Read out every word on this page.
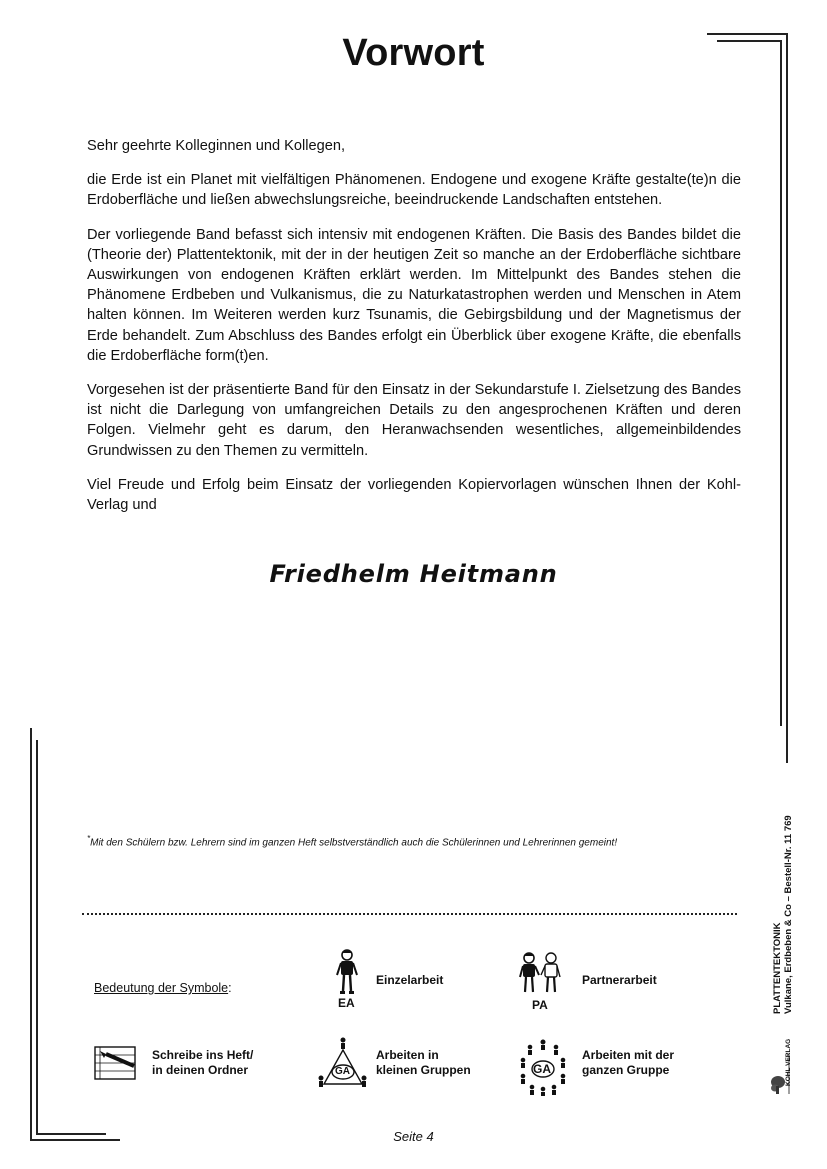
Vorwort

Sehr geehrte Kolleginnen und Kollegen,

die Erde ist ein Planet mit vielfältigen Phänomenen. Endogene und exogene Kräfte gestalte(te)n die Erdoberfläche und ließen abwechslungsreiche, beeindruckende Landschaften entstehen.

Der vorliegende Band befasst sich intensiv mit endogenen Kräften. Die Basis des Bandes bildet die (Theorie der) Plattentektonik, mit der in der heutigen Zeit so manche an der Erdoberfläche sichtbare Auswirkungen von endogenen Kräften erklärt werden. Im Mittelpunkt des Bandes stehen die Phänomene Erdbeben und Vulkanismus, die zu Naturkatastrophen werden und Menschen in Atem halten können. Im Weiteren werden kurz Tsunamis, die Gebirgsbildung und der Magnetismus der Erde behandelt. Zum Abschluss des Bandes erfolgt ein Überblick über exogene Kräfte, die ebenfalls die Erdoberfläche form(t)en.

Vorgesehen ist der präsentierte Band für den Einsatz in der Sekundarstufe I. Zielsetzung des Bandes ist nicht die Darlegung von umfangreichen Details zu den angesprochenen Kräften und deren Folgen. Vielmehr geht es darum, den Heranwachsenden wesentliches, allgemeinbildendes Grundwissen zu den Themen zu vermitteln.

Viel Freude und Erfolg beim Einsatz der vorliegenden Kopiervorlagen wünschen Ihnen der Kohl-Verlag und

Friedhelm Heitmann
*Mit den Schülern bzw. Lehrern sind im ganzen Heft selbstverständlich auch die Schülerinnen und Lehrerinnen gemeint!
Bedeutung der Symbole:
EA
Einzelarbeit
PA
Partnerarbeit
Schreibe ins Heft/
in deinen Ordner	GA
Arbeiten in
kleinen Gruppen	GA
Arbeiten mit der
ganzen Gruppe
PLATTENTEKTONIK Vulkane, Erdbeben & Co – Bestell-Nr. 11 769
KOHL VERLAG
Seite 4
